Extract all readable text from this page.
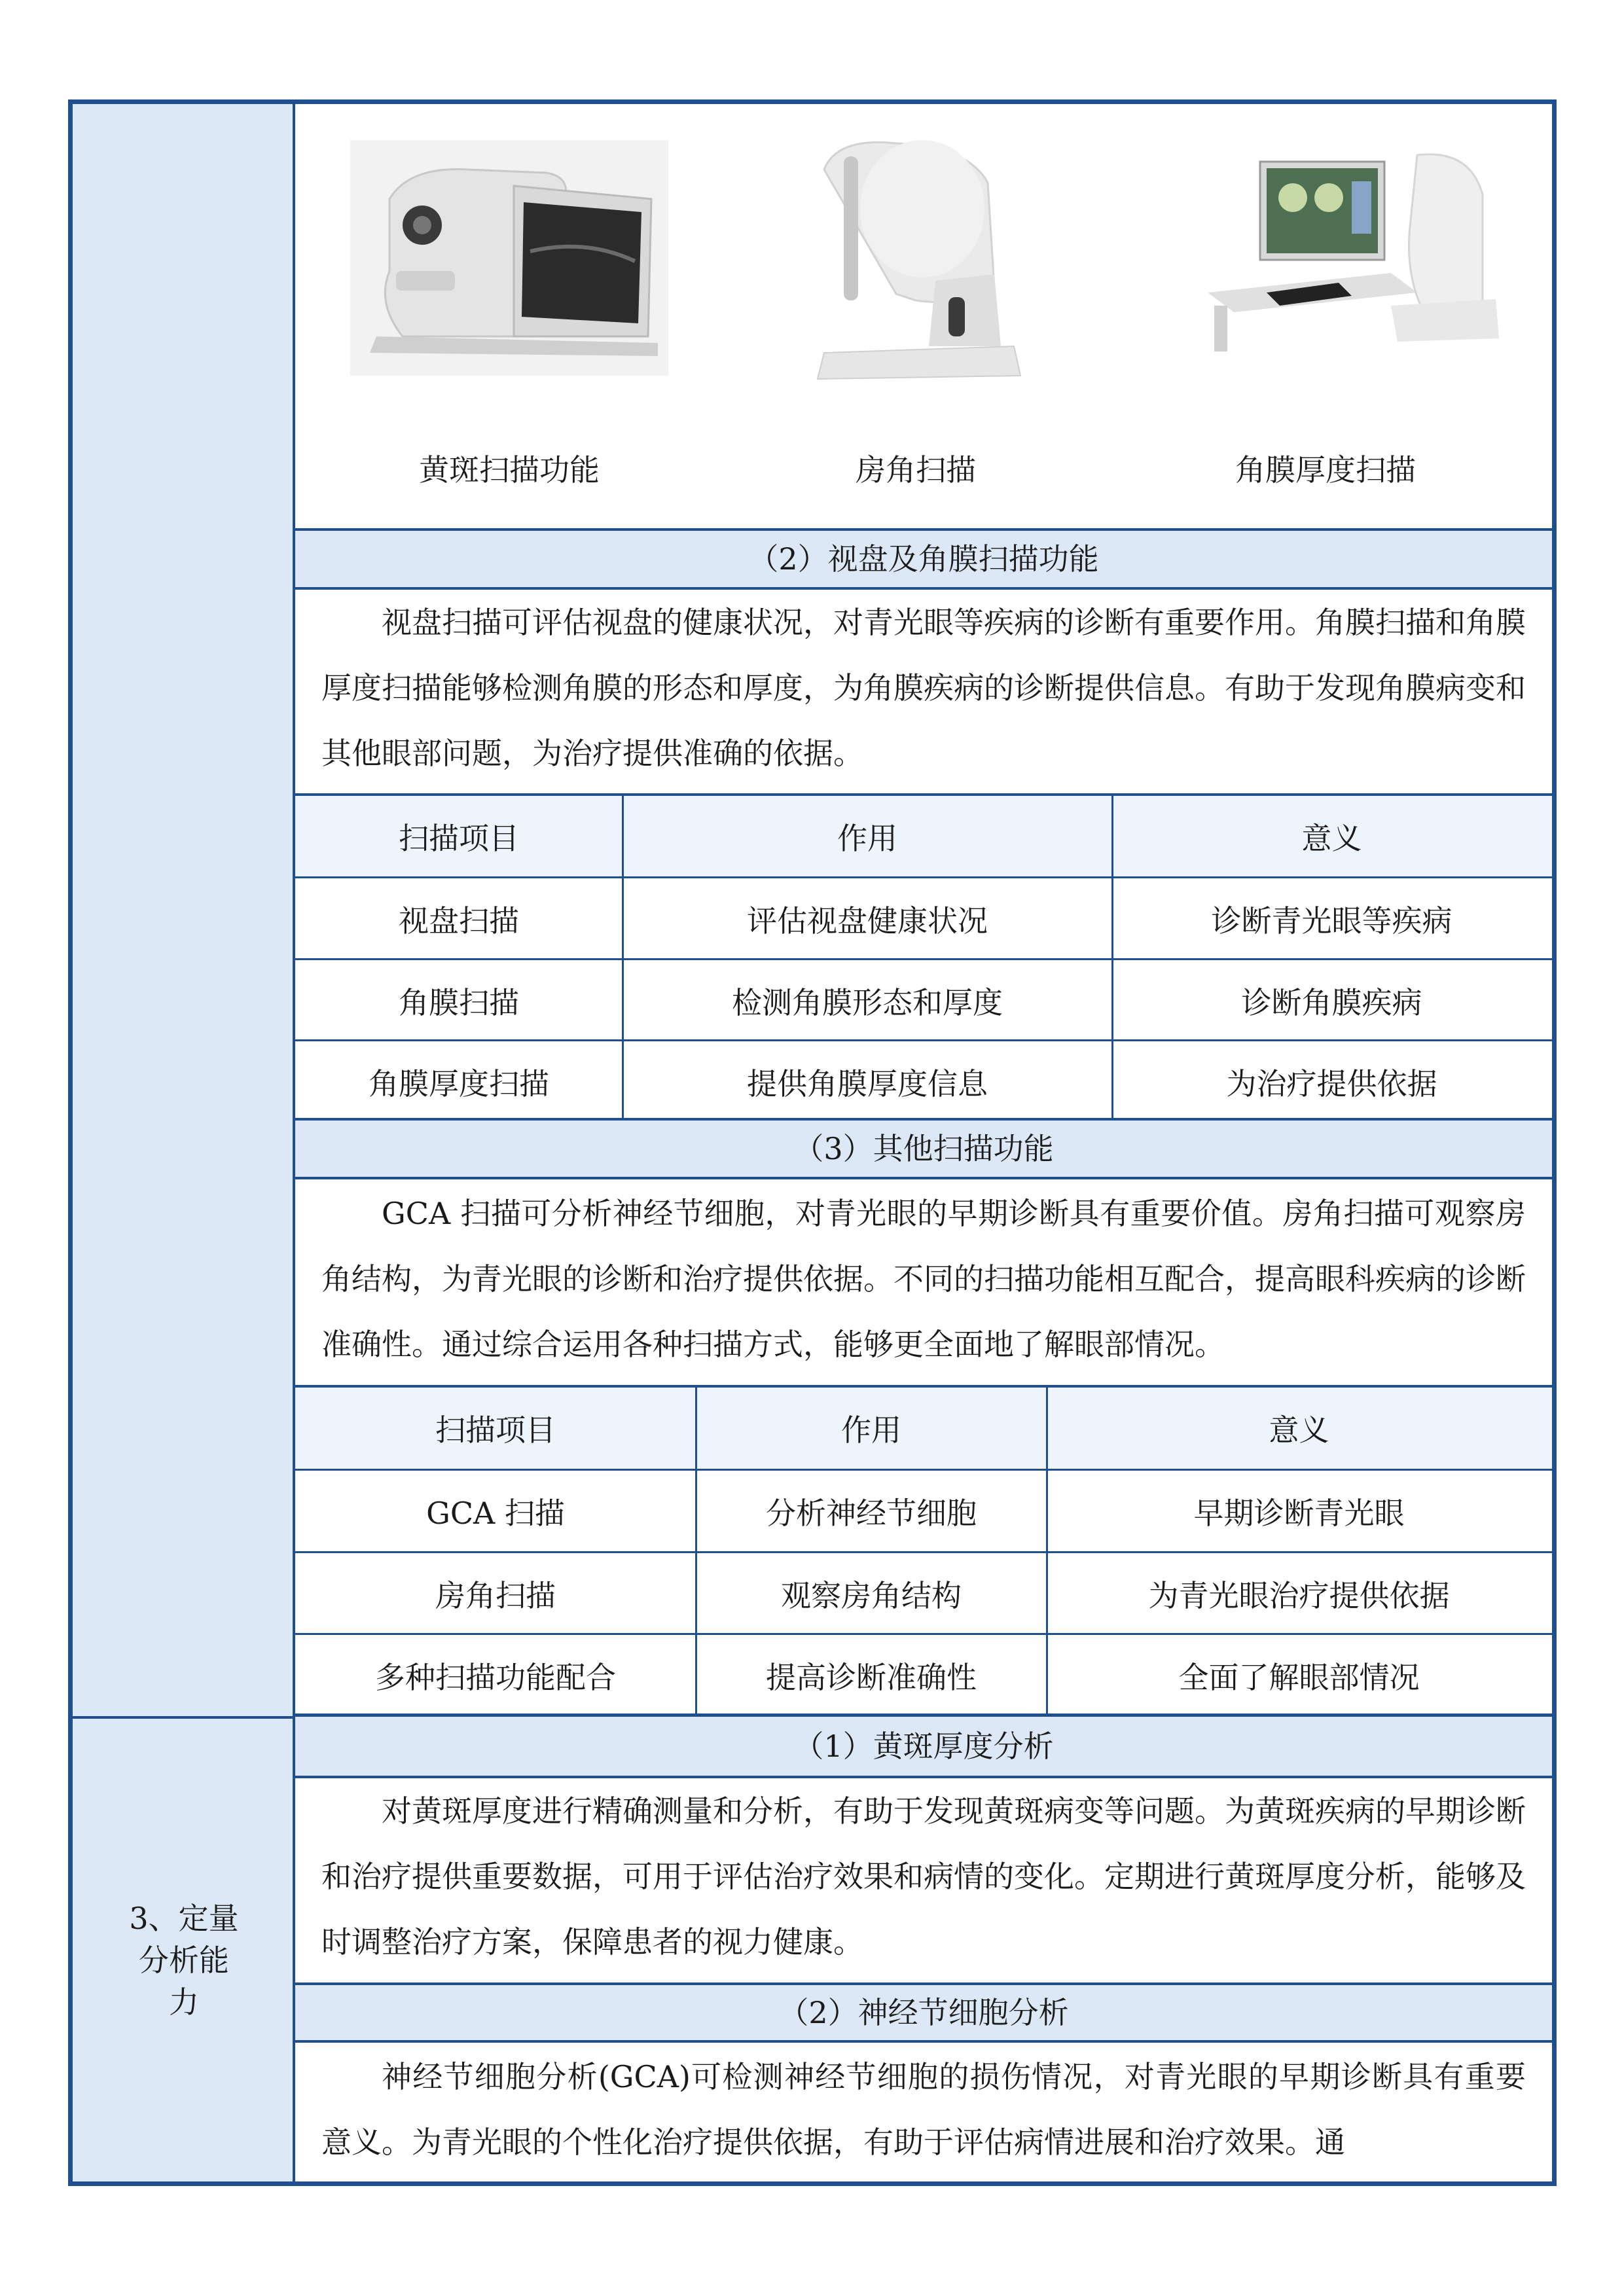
3、定量分析能力
黄斑扫描功能	房角扫描	角膜厚度扫描
（2）视盘及角膜扫描功能
视盘扫描可评估视盘的健康状况，对青光眼等疾病的诊断有重要作用。角膜扫描和角膜厚度扫描能够检测角膜的形态和厚度，为角膜疾病的诊断提供信息。有助于发现角膜病变和其他眼部问题，为治疗提供准确的依据。
扫描项目	作用	意义
视盘扫描	评估视盘健康状况	诊断青光眼等疾病
角膜扫描	检测角膜形态和厚度	诊断角膜疾病
角膜厚度扫描	提供角膜厚度信息	为治疗提供依据
（3）其他扫描功能
GCA 扫描可分析神经节细胞，对青光眼的早期诊断具有重要价值。房角扫描可观察房角结构，为青光眼的诊断和治疗提供依据。不同的扫描功能相互配合，提高眼科疾病的诊断准确性。通过综合运用各种扫描方式，能够更全面地了解眼部情况。
扫描项目	作用	意义
GCA 扫描	分析神经节细胞	早期诊断青光眼
房角扫描	观察房角结构	为青光眼治疗提供依据
多种扫描功能配合	提高诊断准确性	全面了解眼部情况
（1）黄斑厚度分析
对黄斑厚度进行精确测量和分析，有助于发现黄斑病变等问题。为黄斑疾病的早期诊断和治疗提供重要数据，可用于评估治疗效果和病情的变化。定期进行黄斑厚度分析，能够及时调整治疗方案，保障患者的视力健康。
（2）神经节细胞分析
神经节细胞分析(GCA)可检测神经节细胞的损伤情况，对青光眼的早期诊断具有重要意义。为青光眼的个性化治疗提供依据，有助于评估病情进展和治疗效果。通
